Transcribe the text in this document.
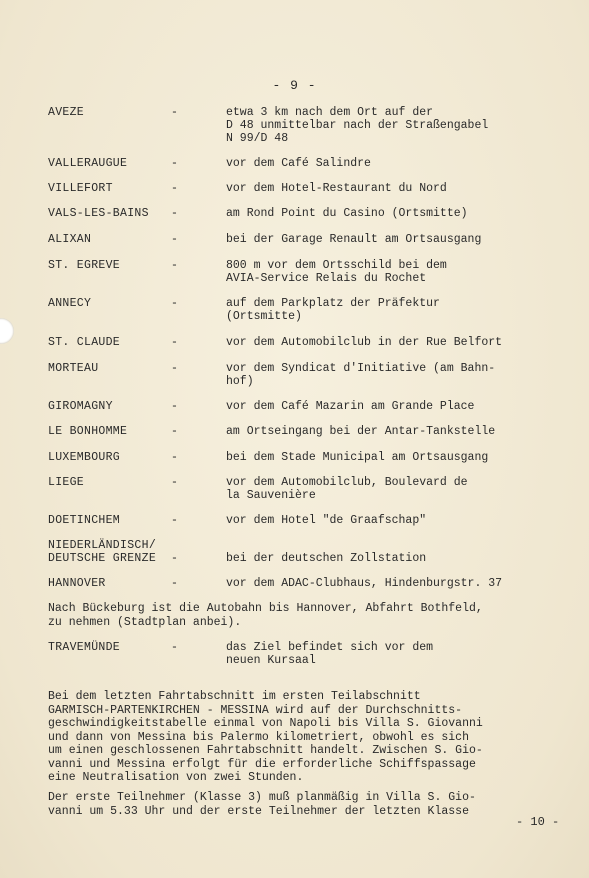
- 9 -
AVEZE	-	etwa 3 km nach dem Ort auf der
D 48 unmittelbar nach der Straßengabel
N 99/D 48
VALLERAUGUE	-	vor dem Café Salindre
VILLEFORT	-	vor dem Hotel-Restaurant du Nord
VALS-LES-BAINS -	am Rond Point du Casino (Ortsmitte)
ALIXAN	-	bei der Garage Renault am Ortsausgang
ST. EGREVE	-	800 m vor dem Ortsschild bei dem
AVIA-Service Relais du Rochet
ANNECY	-	auf dem Parkplatz der Präfektur
(Ortsmitte)
ST. CLAUDE	-	vor dem Automobilclub in der Rue Belfort
MORTEAU	-	vor dem Syndicat d'Initiative (am Bahn-
hof)
GIROMAGNY	-	vor dem Café Mazarin am Grande Place
LE BONHOMME	-	am Ortseingang bei der Antar-Tankstelle
LUXEMBOURG	-	bei dem Stade Municipal am Ortsausgang
LIEGE	-	vor dem Automobilclub, Boulevard de
la Sauvenière
DOETINCHEM	-	vor dem Hotel "de Graafschap"
NIEDERLÄNDISCH/
DEUTSCHE GRENZE -	bei der deutschen Zollstation
HANNOVER	-	vor dem ADAC-Clubhaus, Hindenburgstr. 37
Nach Bückeburg ist die Autobahn bis Hannover, Abfahrt Bothfeld,
zu nehmen (Stadtplan anbei).
TRAVEMÜNDE	-	das Ziel befindet sich vor dem
neuen Kursaal
Bei dem letzten Fahrtabschnitt im ersten Teilabschnitt
GARMISCH-PARTENKIRCHEN - MESSINA wird auf der Durchschnitts-
geschwindigkeitstabelle einmal von Napoli bis Villa S. Giovanni
und dann von Messina bis Palermo kilometriert, obwohl es sich
um einen geschlossenen Fahrtabschnitt handelt. Zwischen S. Gio-
vanni und Messina erfolgt für die erforderliche Schiffspassage
eine Neutralisation von zwei Stunden.
Der erste Teilnehmer (Klasse 3) muß planmäßig in Villa S. Gio-
vanni um 5.33 Uhr und der erste Teilnehmer der letzten Klasse
- 10 -
